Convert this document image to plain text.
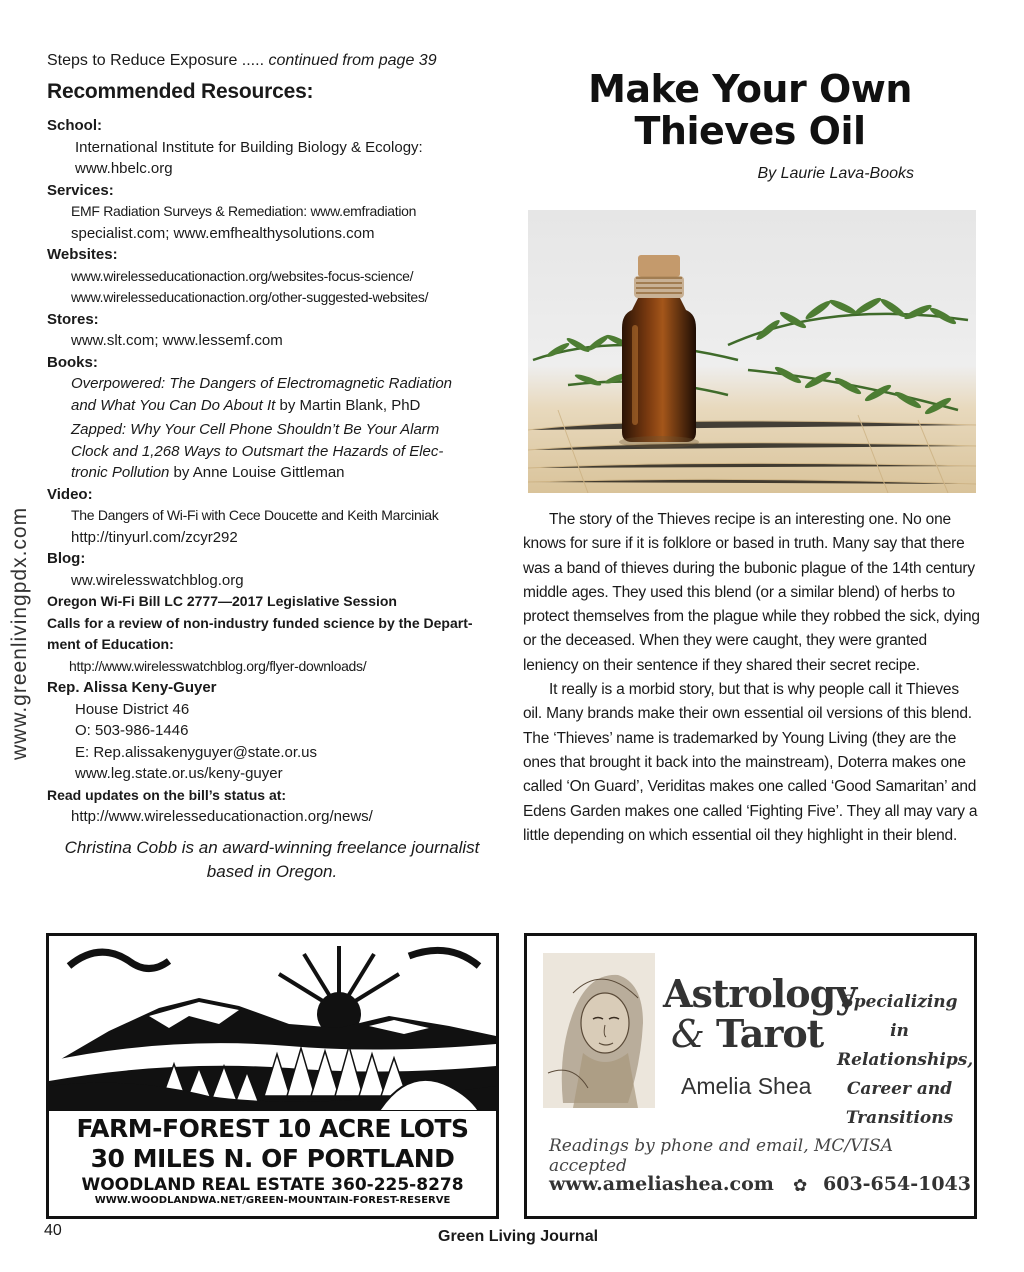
Steps to Reduce Exposure ..... continued from page 39
Recommended Resources:
School:
International Institute for Building Biology & Ecology:
www.hbelc.org
Services:
EMF Radiation Surveys & Remediation: www.emfradiation
specialist.com; www.emfhealthysolutions.com
Websites:
www.wirelesseducationaction.org/websites-focus-science/
www.wirelesseducationaction.org/other-suggested-websites/
Stores:
www.slt.com; www.lessemf.com
Books:
Overpowered: The Dangers of Electromagnetic Radiation
and What You Can Do About It by Martin Blank, PhD
Zapped: Why Your Cell Phone Shouldn’t Be Your Alarm
Clock and 1,268 Ways to Outsmart the Hazards of Elec-
tronic Pollution by Anne Louise Gittleman
Video:
The Dangers of Wi-Fi with Cece Doucette and Keith Marciniak
http://tinyurl.com/zcyr292
Blog:
ww.wirelesswatchblog.org
Oregon Wi-Fi Bill LC 2777—2017 Legislative Session
Calls for a review of non-industry funded science by the Depart-
ment of Education:
http://www.wirelesswatchblog.org/flyer-downloads/
Rep. Alissa Keny-Guyer
House District 46
O: 503-986-1446
E: Rep.alissakenyguyer@state.or.us
www.leg.state.or.us/keny-guyer
Read updates on the bill’s status at:
http://www.wirelesseducationaction.org/news/
Christina Cobb is an award-winning freelance journalist
based in Oregon.
www.greenlivingpdx.com
Make Your Own
Thieves Oil
By Laurie Lava-Books

The story of the Thieves recipe is an interesting one. No one knows for sure if it is folklore or based in truth. Many say that there was a band of thieves during the bubonic plague of the 14th century middle ages. They used this blend (or a similar blend) of herbs to protect themselves from the plague while they robbed the sick, dying or the deceased. When they were caught, they were granted leniency on their sentence if they shared their secret recipe.

It really is a morbid story, but that is why people call it Thieves oil. Many brands make their own essential oil versions of this blend. The ‘Thieves’ name is trademarked by Young Living (they are the ones that brought it back into the mainstream), Doterra makes one called ‘On Guard’, Veriditas makes one called ‘Good Samaritan’ and Edens Garden makes one called ‘Fighting Five’. They all may vary a little depending on which essential oil they highlight in their blend.

FARM-FOREST 10 ACRE LOTS
30 MILES N. OF PORTLAND
WOODLAND REAL ESTATE 360-225-8278
WWW.WOODLANDWA.NET/GREEN-MOUNTAIN-FOREST-RESERVE
Astrology
& Tarot
Amelia Shea
Specializing in
Relationships,
Career and
Transitions
Readings by phone and email, MC/VISA accepted
www.ameliashea.com ✿ 603-654-1043
40	Green Living Journal
